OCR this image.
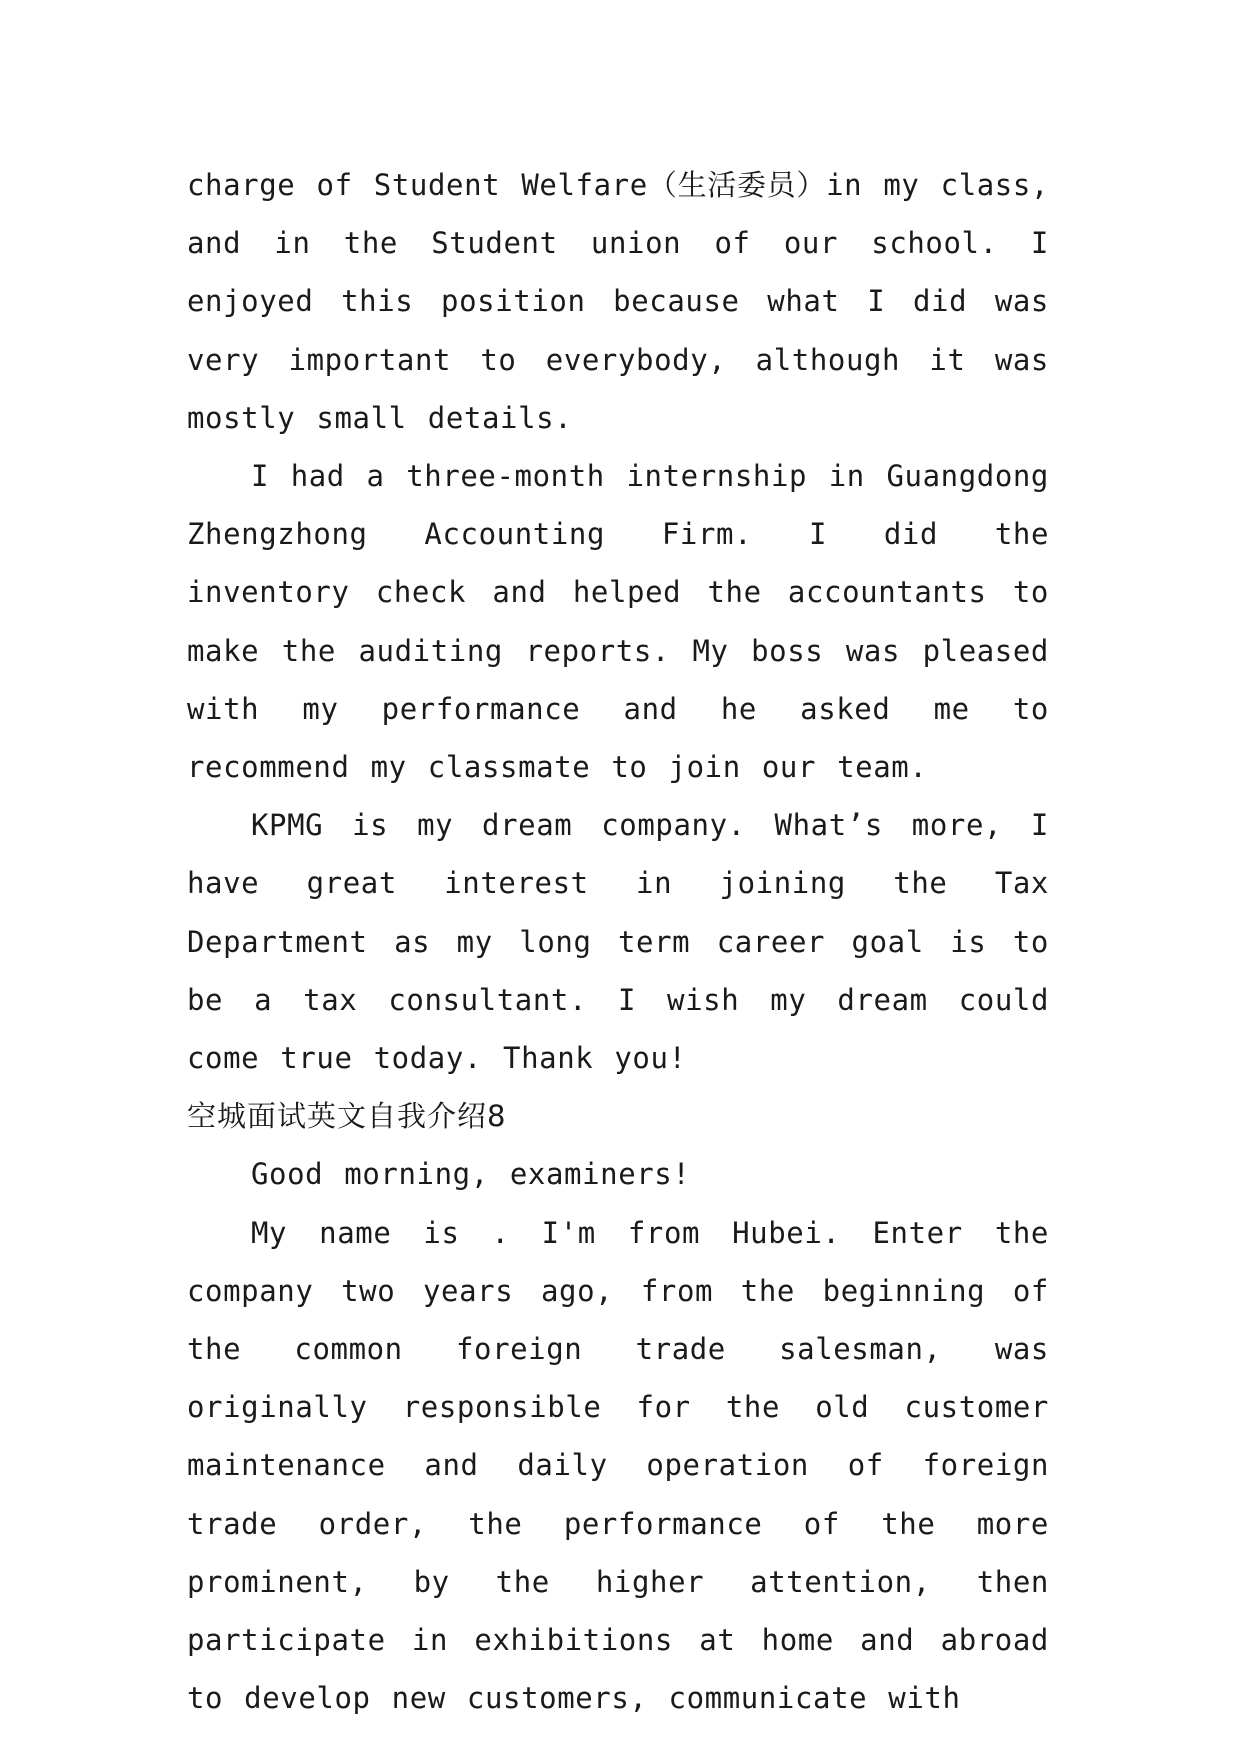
charge of Student Welfare（生活委员）in my class, and in the Student union of our school. I enjoyed this position because what I did was very important to everybody, although it was mostly small details.

I had a three-month internship in Guangdong Zhengzhong Accounting Firm. I did the inventory check and helped the accountants to make the auditing reports. My boss was pleased with my performance and he asked me to recommend my classmate to join our team.

KPMG is my dream company. What’s more, I have great interest in joining the Tax Department as my long term career goal is to be a tax consultant. I wish my dream could come true today. Thank you!

空城面试英文自我介绍8

Good morning, examiners!

My name is . I'm from Hubei. Enter the company two years ago, from the beginning of the common foreign trade salesman, was originally responsible for the old customer maintenance and daily operation of foreign trade order, the performance of the more prominent, by the higher attention, then participate in exhibitions at home and abroad to develop new customers, communicate with
